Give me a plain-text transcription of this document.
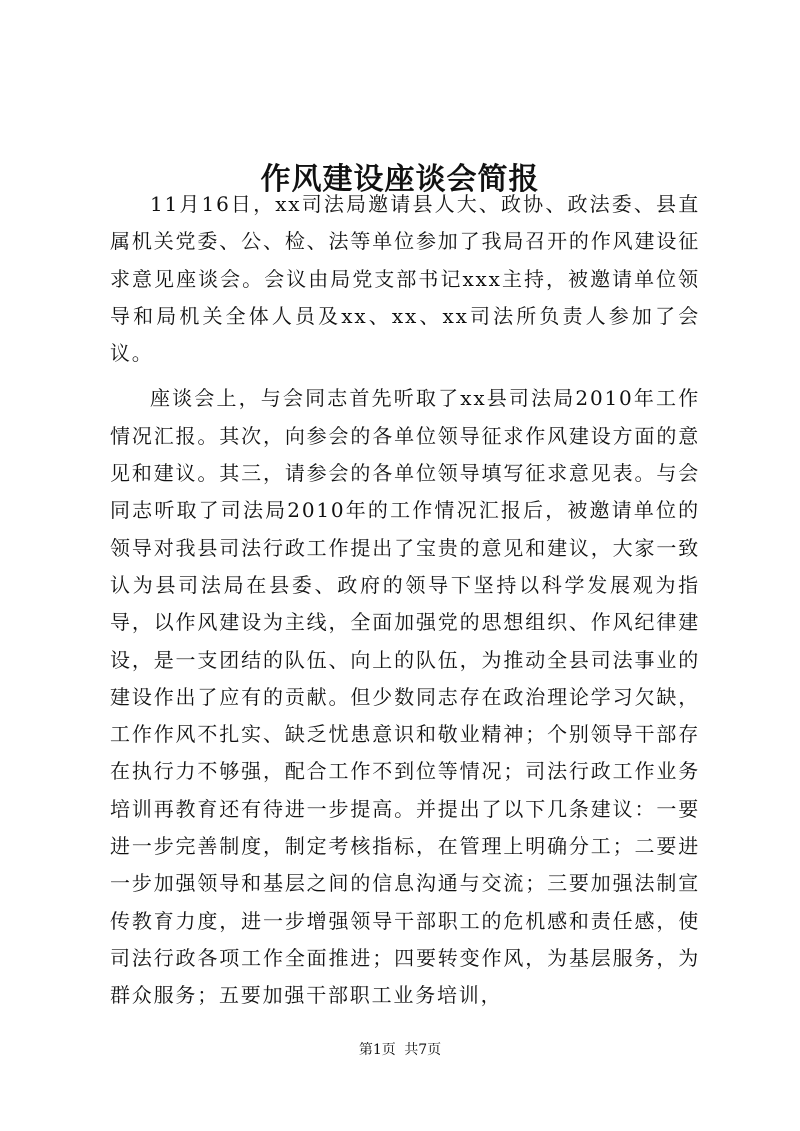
作风建设座谈会简报

11月16日，xx司法局邀请县人大、政协、政法委、县直属机关党委、公、检、法等单位参加了我局召开的作风建设征求意见座谈会。会议由局党支部书记xxx主持，被邀请单位领导和局机关全体人员及xx、xx、xx司法所负责人参加了会议。

座谈会上，与会同志首先听取了xx县司法局2010年工作情况汇报。其次，向参会的各单位领导征求作风建设方面的意见和建议。其三，请参会的各单位领导填写征求意见表。与会同志听取了司法局2010年的工作情况汇报后，被邀请单位的领导对我县司法行政工作提出了宝贵的意见和建议，大家一致认为县司法局在县委、政府的领导下坚持以科学发展观为指导，以作风建设为主线，全面加强党的思想组织、作风纪律建设，是一支团结的队伍、向上的队伍，为推动全县司法事业的建设作出了应有的贡献。但少数同志存在政治理论学习欠缺，工作作风不扎实、缺乏忧患意识和敬业精神；个别领导干部存在执行力不够强，配合工作不到位等情况；司法行政工作业务培训再教育还有待进一步提高。并提出了以下几条建议：一要进一步完善制度，制定考核指标，在管理上明确分工；二要进一步加强领导和基层之间的信息沟通与交流；三要加强法制宣传教育力度，进一步增强领导干部职工的危机感和责任感，使司法行政各项工作全面推进；四要转变作风，为基层服务，为群众服务；五要加强干部职工业务培训，

第1页 共7页
